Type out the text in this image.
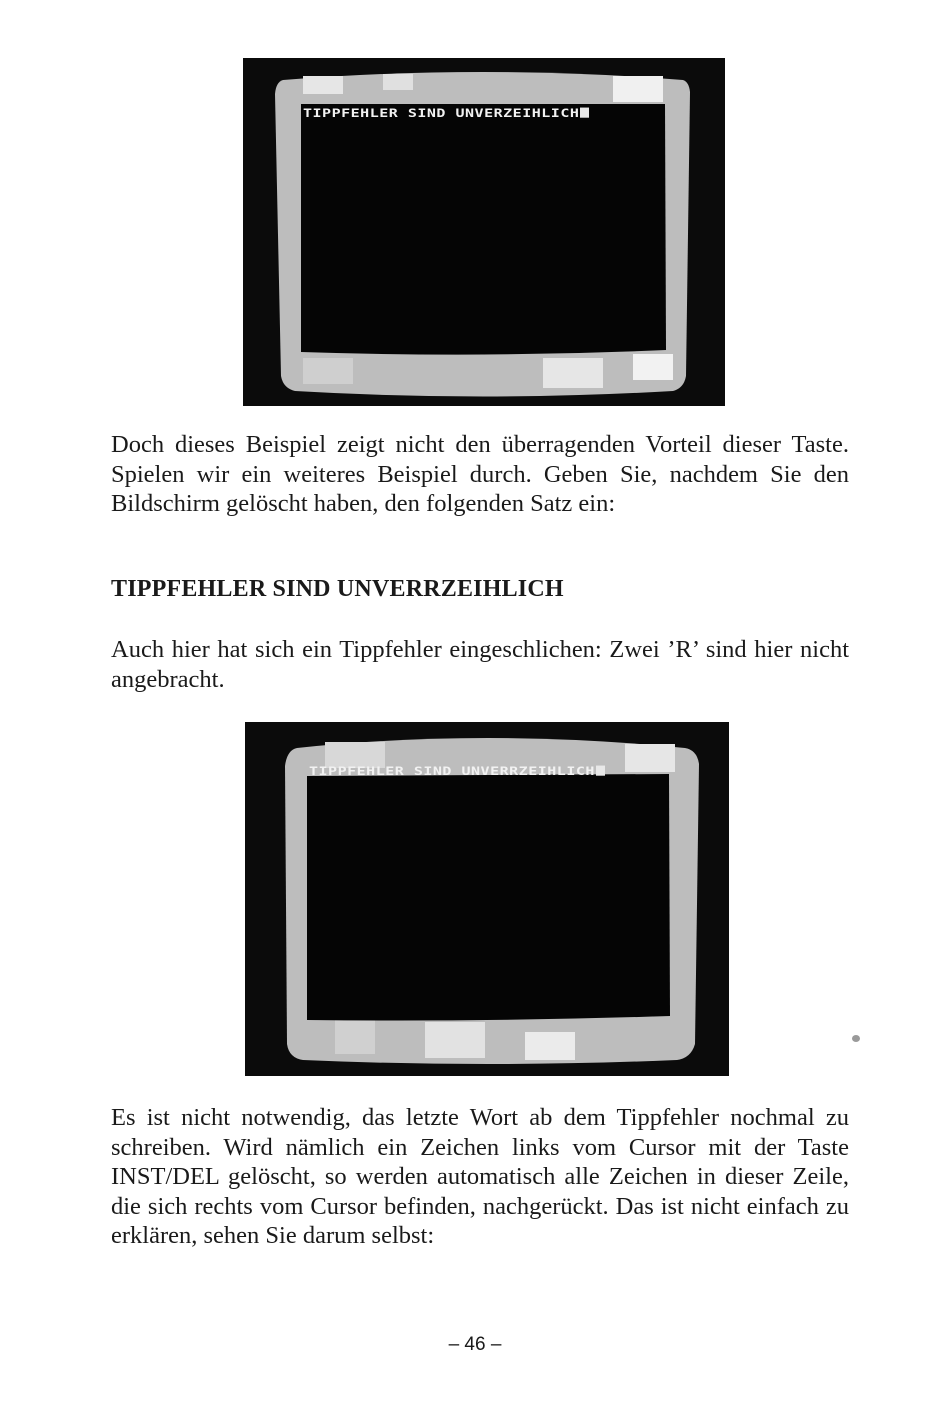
TIPPFEHLER SIND UNVERZEIHLICH

Doch dieses Beispiel zeigt nicht den überragenden Vorteil dieser Taste. Spielen wir ein weiteres Beispiel durch. Geben Sie, nachdem Sie den Bildschirm gelöscht haben, den folgenden Satz ein:

TIPPFEHLER SIND UNVERRZEIHLICH

Auch hier hat sich ein Tippfehler eingeschlichen: Zwei ’R’ sind hier nicht angebracht.

TIPPFEHLER SIND UNVERRZEIHLICH

Es ist nicht notwendig, das letzte Wort ab dem Tippfehler nochmal zu schreiben. Wird nämlich ein Zeichen links vom Cursor mit der Taste INST/DEL gelöscht, so werden automatisch alle Zeichen in dieser Zeile, die sich rechts vom Cursor befinden, nachgerückt. Das ist nicht einfach zu erklären, sehen Sie darum selbst:

– 46 –
